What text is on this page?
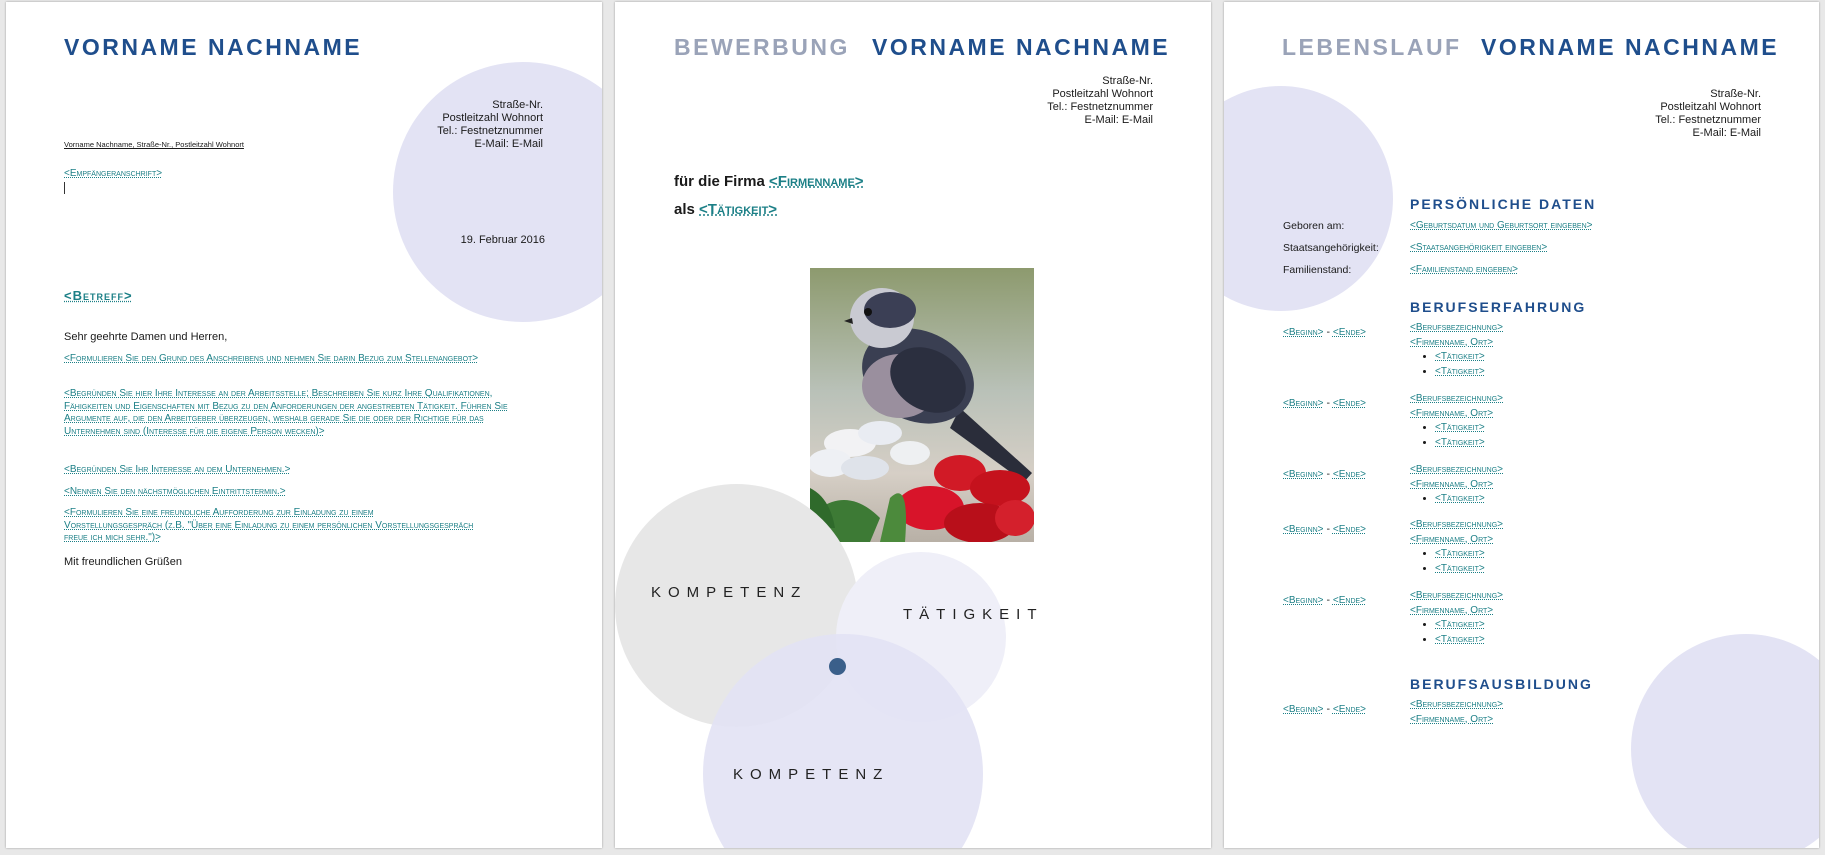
VORNAME NACHNAME
Straße-Nr.
Postleitzahl Wohnort
Tel.: Festnetznummer
E-Mail: E-Mail
Vorname Nachname, Straße-Nr., Postleitzahl Wohnort
<Empfängeranschrift>
19. Februar 2016
<Betreff>
Sehr geehrte Damen und Herren,
<Formulieren Sie den Grund des Anschreibens und nehmen Sie darin Bezug zum Stellenangebot>
<Begründen Sie hier Ihre Interesse an der Arbeitsstelle; Beschreiben Sie kurz Ihre Qualifikationen, Fähigkeiten und Eigenschaften mit Bezug zu den Anforderungen der angestrebten Tätigkeit. Führen Sie Argumente auf, die den Arbeitgeber überzeugen, weshalb gerade Sie die oder der Richtige für das Unternehmen sind (Interesse für die eigene Person wecken)>
<Begründen Sie Ihr Interesse an dem Unternehmen.>
<Nennen Sie den nächstmöglichen Eintrittstermin.>
<Formulieren Sie eine freundliche Aufforderung zur Einladung zu einem Vorstellungsgespräch (z.B. "Über eine Einladung zu einem persönlichen Vorstellungsgespräch freue ich mich sehr.")>
Mit freundlichen Grüßen
BEWERBUNG VORNAME NACHNAME
Straße-Nr.
Postleitzahl Wohnort
Tel.: Festnetznummer
E-Mail: E-Mail
für die Firma <Firmenname>
als <Tätigkeit>
KOMPETENZ
TÄTIGKEIT
KOMPETENZ
LEBENSLAUF VORNAME NACHNAME
Straße-Nr.
Postleitzahl Wohnort
Tel.: Festnetznummer
E-Mail: E-Mail
PERSÖNLICHE DATEN
Geboren am:	<Geburtsdatum und Geburtsort eingeben>
Staatsangehörigkeit:	<Staatsangehörigkeit eingeben>
Familienstand:	<Familienstand eingeben>
BERUFSERFAHRUNG
<Beginn> - <Ende>	<Berufsbezeichnung>
<Firmenname, Ort>
• <Tätigkeit>
• <Tätigkeit>
<Beginn> - <Ende>	<Berufsbezeichnung>
<Firmenname, Ort>
• <Tätigkeit>
• <Tätigkeit>
<Beginn> - <Ende>	<Berufsbezeichnung>
<Firmenname, Ort>
• <Tätigkeit>
<Beginn> - <Ende>	<Berufsbezeichnung>
<Firmenname, Ort>
• <Tätigkeit>
• <Tätigkeit>
<Beginn> - <Ende>	<Berufsbezeichnung>
<Firmenname, Ort>
• <Tätigkeit>
• <Tätigkeit>
BERUFSAUSBILDUNG
<Beginn> - <Ende>	<Berufsbezeichnung>
<Firmenname, Ort>
